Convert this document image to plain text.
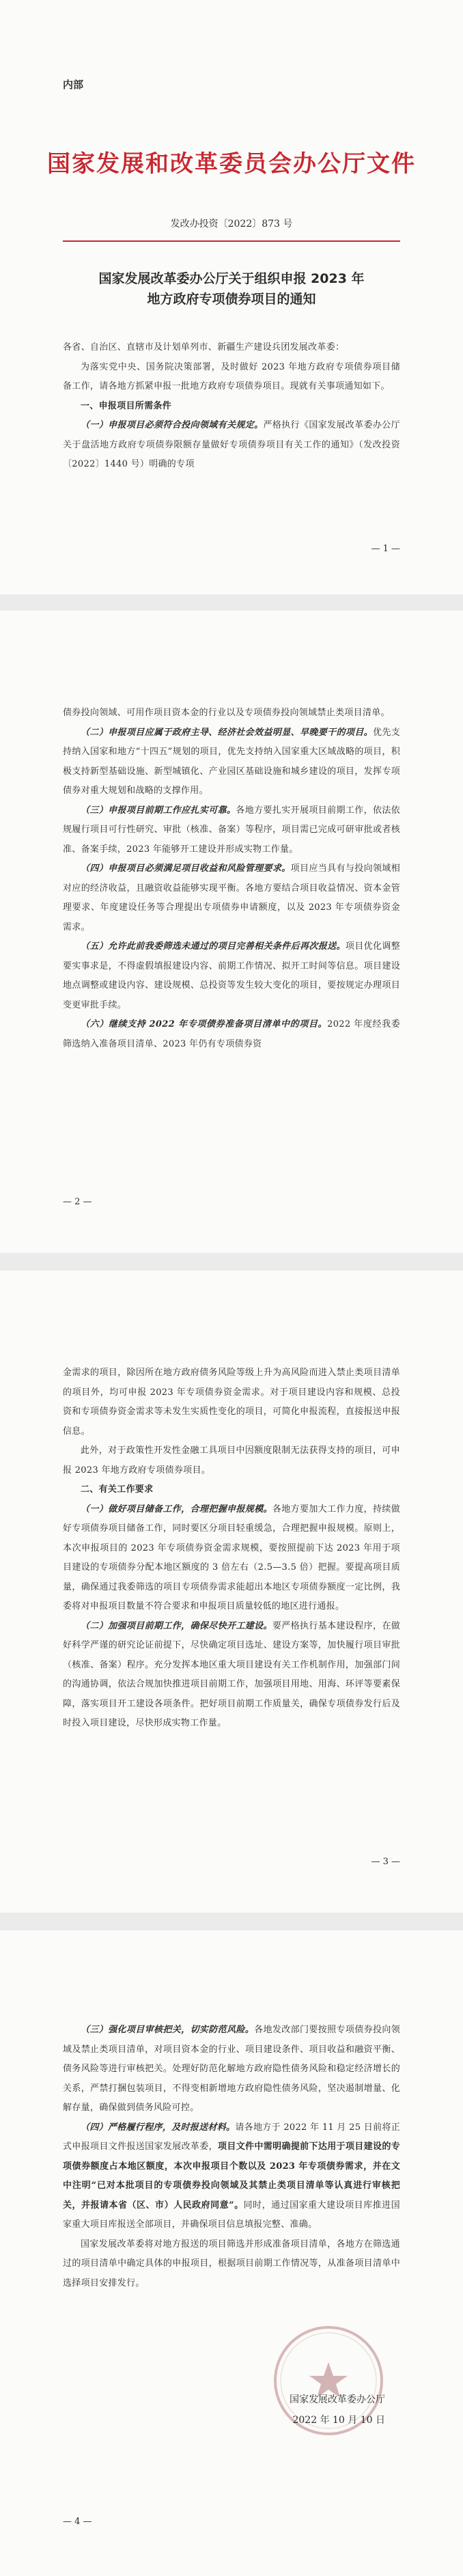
内部
国家发展和改革委员会办公厅文件
发改办投资〔2022〕873 号
国家发展改革委办公厅关于组织申报 2023 年
地方政府专项债券项目的通知

各省、自治区、直辖市及计划单列市、新疆生产建设兵团发展改革委：

为落实党中央、国务院决策部署，及时做好 2023 年地方政府专项债券项目储备工作，请各地方抓紧申报一批地方政府专项债券项目。现就有关事项通知如下。

一、申报项目所需条件

（一）申报项目必须符合投向领域有关规定。严格执行《国家发展改革委办公厅关于盘活地方政府专项债券限额存量做好专项债券项目有关工作的通知》（发改投资〔2022〕1440 号）明确的专项

— 1 —

债券投向领域、可用作项目资本金的行业以及专项债券投向领域禁止类项目清单。

（二）申报项目应属于政府主导、经济社会效益明显、早晚要干的项目。优先支持纳入国家和地方“十四五”规划的项目，优先支持纳入国家重大区域战略的项目，积极支持新型基础设施、新型城镇化、产业园区基础设施和城乡建设的项目，发挥专项债券对重大规划和战略的支撑作用。

（三）申报项目前期工作应扎实可靠。各地方要扎实开展项目前期工作，依法依规履行项目可行性研究、审批（核准、备案）等程序，项目需已完成可研审批或者核准、备案手续，2023 年能够开工建设并形成实物工作量。

（四）申报项目必须满足项目收益和风险管理要求。项目应当具有与投向领域相对应的经济收益，且融资收益能够实现平衡。各地方要结合项目收益情况、资本金管理要求、年度建设任务等合理提出专项债券申请额度，以及 2023 年专项债券资金需求。

（五）允许此前我委筛选未通过的项目完善相关条件后再次报送。项目优化调整要实事求是，不得虚假填报建设内容、前期工作情况、拟开工时间等信息。项目建设地点调整或建设内容、建设规模、总投资等发生较大变化的项目，要按规定办理项目变更审批手续。

（六）继续支持 2022 年专项债券准备项目清单中的项目。2022 年度经我委筛选纳入准备项目清单、2023 年仍有专项债券资

— 2 —

金需求的项目，除因所在地方政府债务风险等级上升为高风险而进入禁止类项目清单的项目外，均可申报 2023 年专项债券资金需求。对于项目建设内容和规模、总投资和专项债券资金需求等未发生实质性变化的项目，可简化申报流程，直接报送申报信息。

此外，对于政策性开发性金融工具项目中因额度限制无法获得支持的项目，可申报 2023 年地方政府专项债券项目。

二、有关工作要求

（一）做好项目储备工作，合理把握申报规模。各地方要加大工作力度，持续做好专项债券项目储备工作，同时要区分项目轻重缓急，合理把握申报规模。原则上，本次申报项目的 2023 年专项债券资金需求规模，要按照提前下达 2023 年用于项目建设的专项债券分配本地区额度的 3 倍左右（2.5—3.5 倍）把握。要提高项目质量，确保通过我委筛选的项目专项债券需求能超出本地区专项债券额度一定比例，我委将对申报项目数量不符合要求和申报项目质量较低的地区进行通报。

（二）加强项目前期工作，确保尽快开工建设。要严格执行基本建设程序，在做好科学严谨的研究论证前提下，尽快确定项目选址、建设方案等，加快履行项目审批（核准、备案）程序。充分发挥本地区重大项目建设有关工作机制作用，加强部门间的沟通协调，依法合规加快推进项目前期工作，加强项目用地、用海、环评等要素保障，落实项目开工建设各项条件。把好项目前期工作质量关，确保专项债券发行后及时投入项目建设，尽快形成实物工作量。

— 3 —

（三）强化项目审核把关，切实防范风险。各地发改部门要按照专项债券投向领域及禁止类项目清单，对项目资本金的行业、项目建设条件、项目收益和融资平衡、债务风险等进行审核把关。处理好防范化解地方政府隐性债务风险和稳定经济增长的关系，严禁打捆包装项目，不得变相新增地方政府隐性债务风险，坚决遏制增量、化解存量，确保做到债务风险可控。

（四）严格履行程序，及时报送材料。请各地方于 2022 年 11 月 25 日前将正式申报项目文件报送国家发展改革委，项目文件中需明确提前下达用于项目建设的专项债券额度占本地区额度，本次申报项目个数以及 2023 年专项债券需求，并在文中注明“已对本批项目的专项债券投向领域及其禁止类项目清单等认真进行审核把关，并报请本省（区、市）人民政府同意”。同时，通过国家重大建设项目库推进国家重大项目库报送全部项目，并确保项目信息填报完整、准确。

国家发展改革委将对地方报送的项目筛选并形成准备项目清单，各地方在筛选通过的项目清单中确定具体的申报项目，根据项目前期工作情况等，从准备项目清单中选择项目安排发行。

国家发展改革委办公厅
2022 年 10 月 10 日
— 4 —
